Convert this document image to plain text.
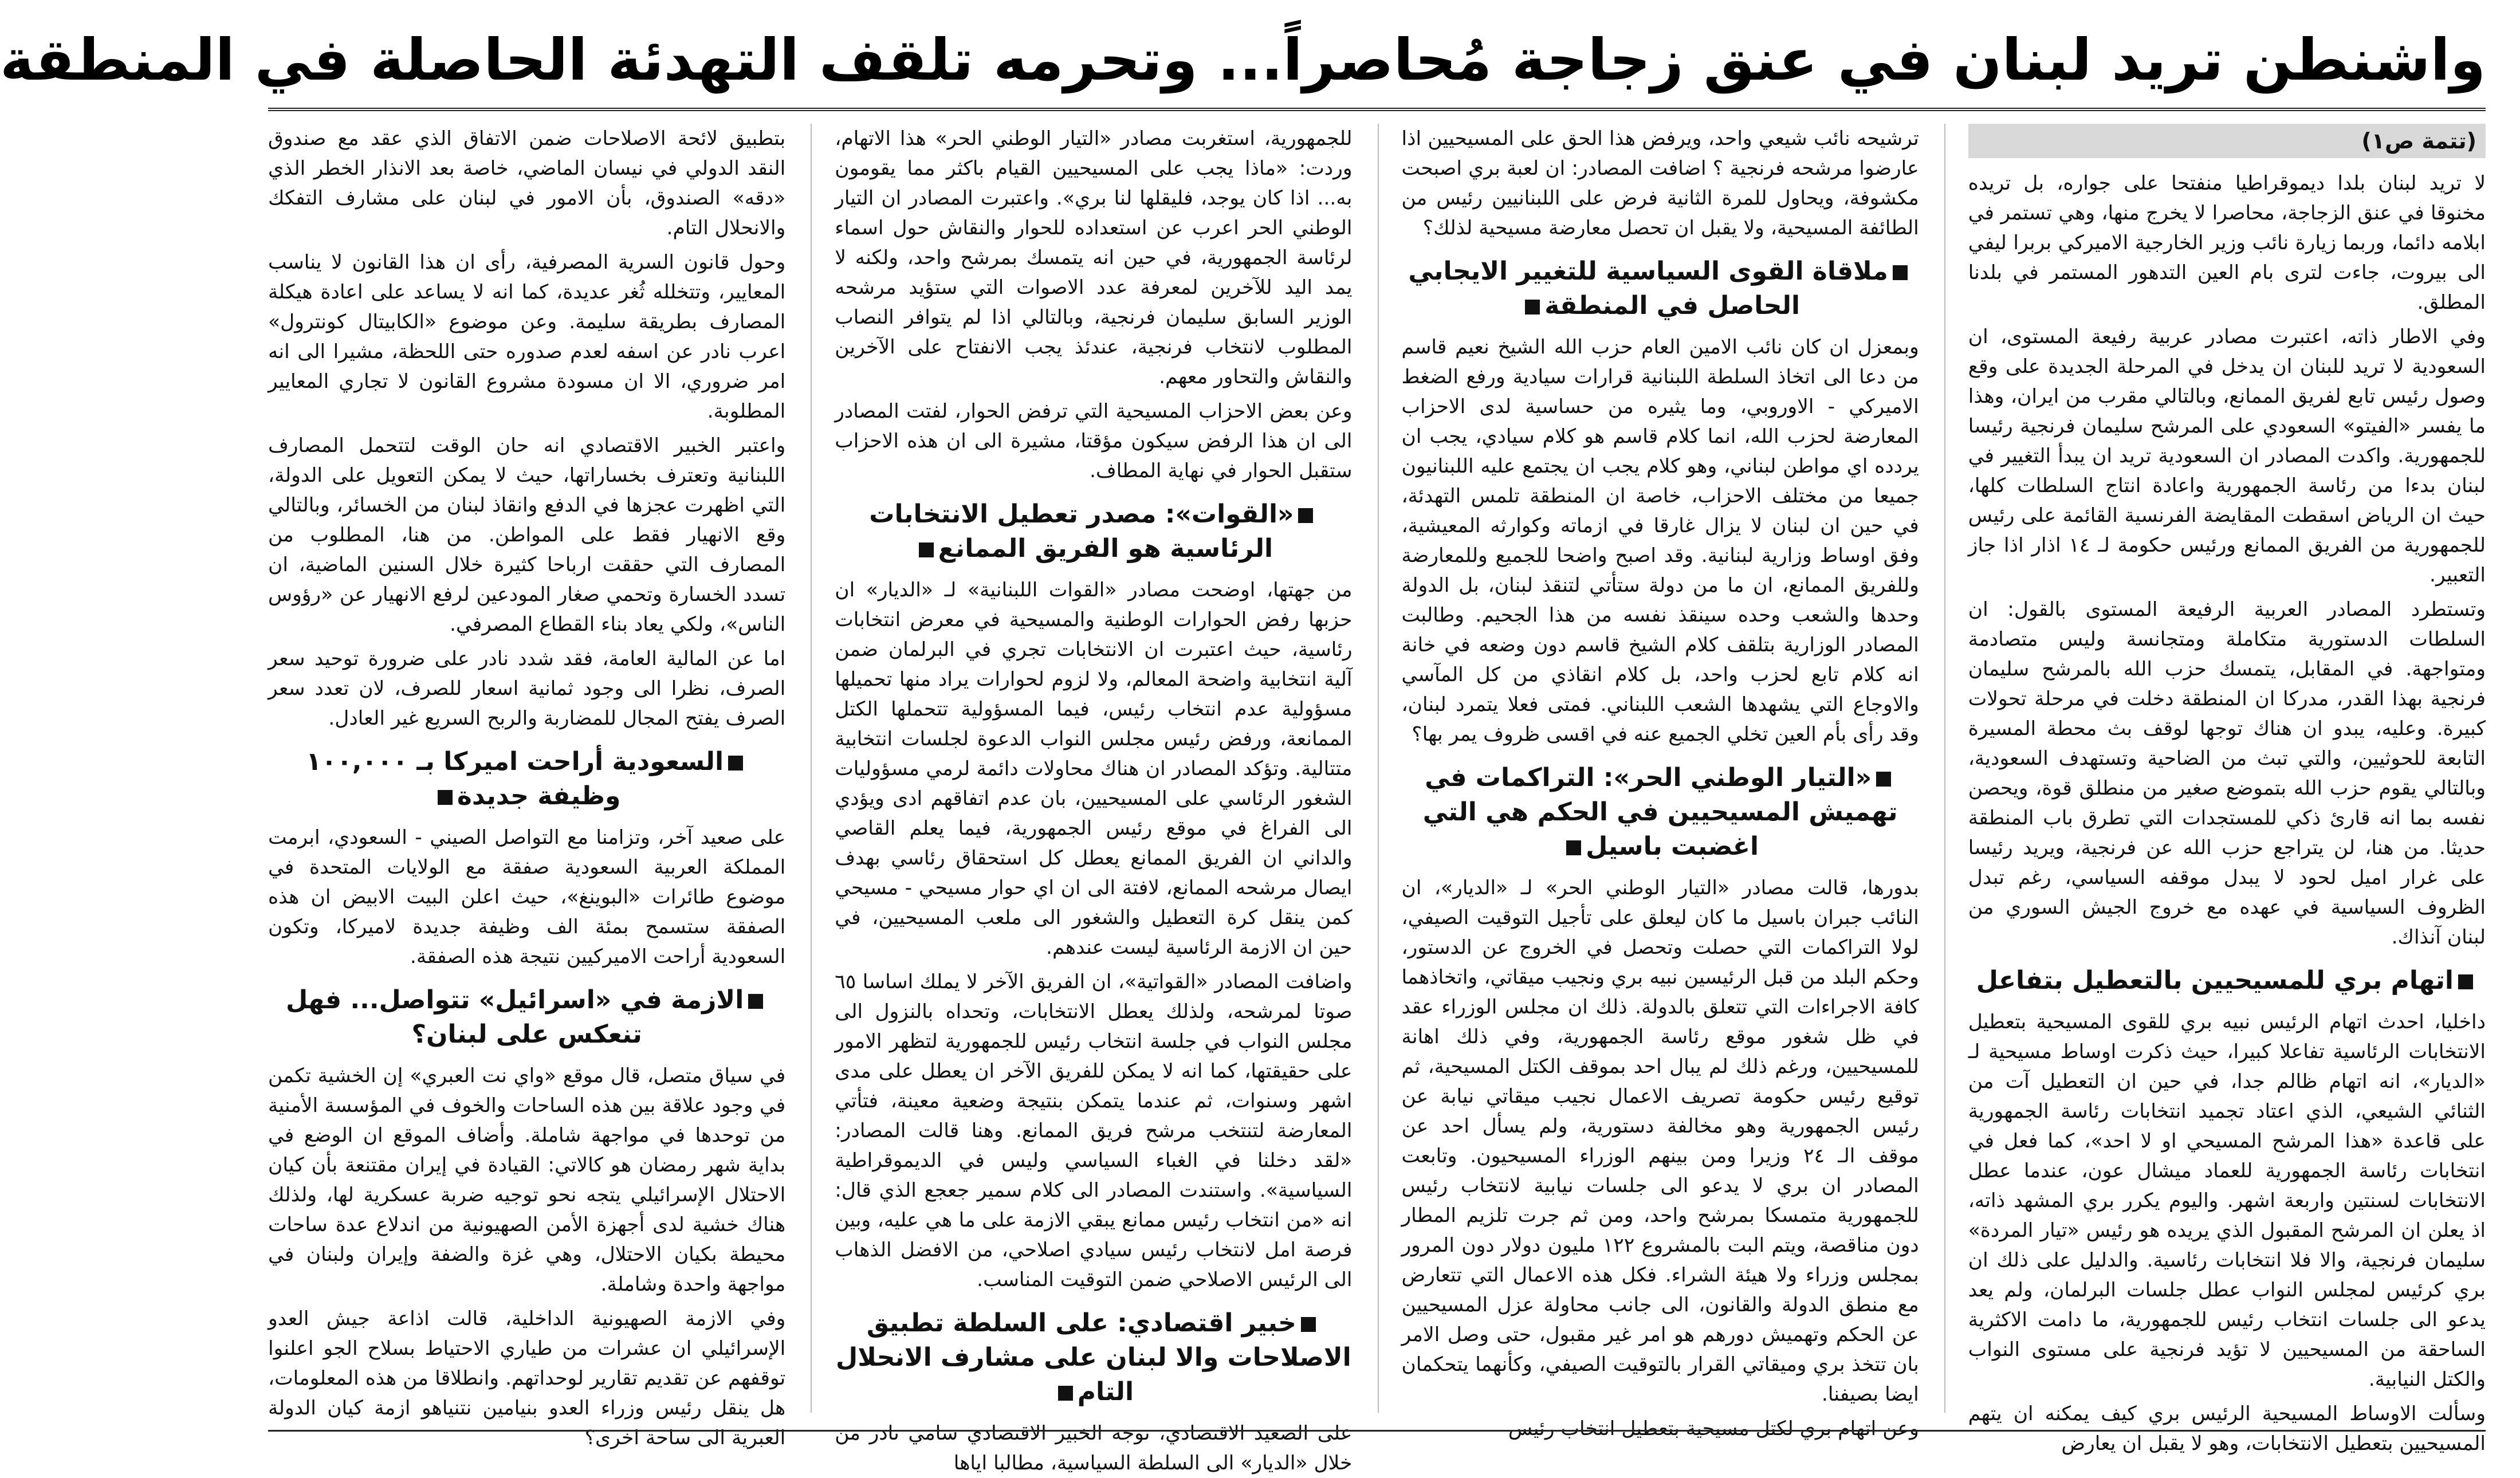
واشنطن تريد لبنان في عنق زجاجة مُحاصراً... وتحرمه تلقف التهدئة الحاصلة في المنطقة
(تتمة ص١)

لا تريد لبنان بلدا ديموقراطيا منفتحا على جواره، بل تريده مخنوقا في عنق الزجاجة، محاصرا لا يخرج منها، وهي تستمر في ابلامه دائما، وربما زيارة نائب وزير الخارجية الاميركي بربرا ليفي الى بيروت، جاءت لترى بام العين التدهور المستمر في بلدنا المطلق.

وفي الاطار ذاته، اعتبرت مصادر عربية رفيعة المستوى، ان السعودية لا تريد للبنان ان يدخل في المرحلة الجديدة على وقع وصول رئيس تابع لفريق الممانع، وبالتالي مقرب من ايران، وهذا ما يفسر «الفيتو» السعودي على المرشح سليمان فرنجية رئيسا للجمهورية. واكدت المصادر ان السعودية تريد ان يبدأ التغيير في لبنان بدءا من رئاسة الجمهورية واعادة انتاج السلطات كلها، حيث ان الرياض اسقطت المقايضة الفرنسية القائمة على رئيس للجمهورية من الفريق الممانع ورئيس حكومة لـ ١٤ اذار اذا جاز التعبير.

وتستطرد المصادر العربية الرفيعة المستوى بالقول: ان السلطات الدستورية متكاملة ومتجانسة وليس متصادمة ومتواجهة. في المقابل، يتمسك حزب الله بالمرشح سليمان فرنجية بهذا القدر، مدركا ان المنطقة دخلت في مرحلة تحولات كبيرة. وعليه، يبدو ان هناك توجها لوقف بث محطة المسيرة التابعة للحوثيين، والتي تبث من الضاحية وتستهدف السعودية، وبالتالي يقوم حزب الله بتموضع صغير من منطلق قوة، ويحصن نفسه بما انه قارئ ذكي للمستجدات التي تطرق باب المنطقة حديثا. من هنا، لن يتراجع حزب الله عن فرنجية، ويريد رئيسا على غرار اميل لحود لا يبدل موقفه السياسي، رغم تبدل الظروف السياسية في عهده مع خروج الجيش السوري من لبنان آنذاك.

اتهام بري للمسيحيين بالتعطيل بتفاعل

داخليا، احدث اتهام الرئيس نبيه بري للقوى المسيحية بتعطيل الانتخابات الرئاسية تفاعلا كبيرا، حيث ذكرت اوساط مسيحية لـ «الديار»، انه اتهام ظالم جدا، في حين ان التعطيل آت من الثنائي الشيعي، الذي اعتاد تجميد انتخابات رئاسة الجمهورية على قاعدة «هذا المرشح المسيحي او لا احد»، كما فعل في انتخابات رئاسة الجمهورية للعماد ميشال عون، عندما عطل الانتخابات لسنتين واربعة اشهر. واليوم يكرر بري المشهد ذاته، اذ يعلن ان المرشح المقبول الذي يريده هو رئيس «تيار المردة» سليمان فرنجية، والا فلا انتخابات رئاسية. والدليل على ذلك ان بري كرئيس لمجلس النواب عطل جلسات البرلمان، ولم يعد يدعو الى جلسات انتخاب رئيس للجمهورية، ما دامت الاكثرية الساحقة من المسيحيين لا تؤيد فرنجية على مستوى النواب والكتل النيابية.

وسألت الاوساط المسيحية الرئيس بري كيف يمكنه ان يتهم المسيحيين بتعطيل الانتخابات، وهو لا يقبل ان يعارض

ترشيحه نائب شيعي واحد، ويرفض هذا الحق على المسيحيين اذا عارضوا مرشحه فرنجية ؟ اضافت المصادر: ان لعبة بري اصبحت مكشوفة، ويحاول للمرة الثانية فرض على اللبنانيين رئيس من الطائفة المسيحية، ولا يقبل ان تحصل معارضة مسيحية لذلك؟

ملاقاة القوى السياسية للتغيير الايجابي الحاصل في المنطقة

وبمعزل ان كان نائب الامين العام حزب الله الشيخ نعيم قاسم من دعا الى اتخاذ السلطة اللبنانية قرارات سيادية ورفع الضغط الاميركي - الاوروبي، وما يثيره من حساسية لدى الاحزاب المعارضة لحزب الله، انما كلام قاسم هو كلام سيادي، يجب ان يردده اي مواطن لبناني، وهو كلام يجب ان يجتمع عليه اللبنانيون جميعا من مختلف الاحزاب، خاصة ان المنطقة تلمس التهدئة، في حين ان لبنان لا يزال غارقا في ازماته وكوارثه المعيشية، وفق اوساط وزارية لبنانية. وقد اصبح واضحا للجميع وللمعارضة وللفريق الممانع، ان ما من دولة ستأتي لتنقذ لبنان، بل الدولة وحدها والشعب وحده سينقذ نفسه من هذا الجحيم. وطالبت المصادر الوزارية بتلقف كلام الشيخ قاسم دون وضعه في خانة انه كلام تابع لحزب واحد، بل كلام انقاذي من كل المآسي والاوجاع التي يشهدها الشعب اللبناني. فمتى فعلا يتمرد لبنان، وقد رأى بأم العين تخلي الجميع عنه في اقسى ظروف يمر بها؟

«التيار الوطني الحر»: التراكمات في تهميش المسيحيين في الحكم هي التي اغضبت باسيل

بدورها، قالت مصادر «التيار الوطني الحر» لـ «الديار»، ان النائب جبران باسيل ما كان ليعلق على تأجيل التوقيت الصيفي، لولا التراكمات التي حصلت وتحصل في الخروج عن الدستور، وحكم البلد من قبل الرئيسين نبيه بري ونجيب ميقاتي، واتخاذهما كافة الاجراءات التي تتعلق بالدولة. ذلك ان مجلس الوزراء عقد في ظل شغور موقع رئاسة الجمهورية، وفي ذلك اهانة للمسيحيين، ورغم ذلك لم يبال احد بموقف الكتل المسيحية، ثم توقيع رئيس حكومة تصريف الاعمال نجيب ميقاتي نيابة عن رئيس الجمهورية وهو مخالفة دستورية، ولم يسأل احد عن موقف الـ ٢٤ وزيرا ومن بينهم الوزراء المسيحيون. وتابعت المصادر ان بري لا يدعو الى جلسات نيابية لانتخاب رئيس للجمهورية متمسكا بمرشح واحد، ومن ثم جرت تلزيم المطار دون مناقصة، ويتم البت بالمشروع ١٢٢ مليون دولار دون المرور بمجلس وزراء ولا هيئة الشراء. فكل هذه الاعمال التي تتعارض مع منطق الدولة والقانون، الى جانب محاولة عزل المسيحيين عن الحكم وتهميش دورهم هو امر غير مقبول، حتى وصل الامر بان تتخذ بري وميقاتي القرار بالتوقيت الصيفي، وكأنهما يتحكمان ايضا بصيفنا.

وعن اتهام بري لكتل مسيحية بتعطيل انتخاب رئيس

للجمهورية، استغربت مصادر «التيار الوطني الحر» هذا الاتهام، وردت: «ماذا يجب على المسيحيين القيام باكثر مما يقومون به... اذا كان يوجد، فليقلها لنا بري». واعتبرت المصادر ان التيار الوطني الحر اعرب عن استعداده للحوار والنقاش حول اسماء لرئاسة الجمهورية، في حين انه يتمسك بمرشح واحد، ولكنه لا يمد اليد للآخرين لمعرفة عدد الاصوات التي ستؤيد مرشحه الوزير السابق سليمان فرنجية، وبالتالي اذا لم يتوافر النصاب المطلوب لانتخاب فرنجية، عندئذ يجب الانفتاح على الآخرين والنقاش والتحاور معهم.

وعن بعض الاحزاب المسيحية التي ترفض الحوار، لفتت المصادر الى ان هذا الرفض سيكون مؤقتا، مشيرة الى ان هذه الاحزاب ستقبل الحوار في نهاية المطاف.

«القوات»: مصدر تعطيل الانتخابات الرئاسية هو الفريق الممانع

من جهتها، اوضحت مصادر «القوات اللبنانية» لـ «الديار» ان حزبها رفض الحوارات الوطنية والمسيحية في معرض انتخابات رئاسية، حيث اعتبرت ان الانتخابات تجري في البرلمان ضمن آلية انتخابية واضحة المعالم، ولا لزوم لحوارات يراد منها تحميلها مسؤولية عدم انتخاب رئيس، فيما المسؤولية تتحملها الكتل الممانعة، ورفض رئيس مجلس النواب الدعوة لجلسات انتخابية متتالية. وتؤكد المصادر ان هناك محاولات دائمة لرمي مسؤوليات الشغور الرئاسي على المسيحيين، بان عدم اتفاقهم ادى ويؤدي الى الفراغ في موقع رئيس الجمهورية، فيما يعلم القاصي والداني ان الفريق الممانع يعطل كل استحقاق رئاسي بهدف ايصال مرشحه الممانع، لافتة الى ان اي حوار مسيحي - مسيحي كمن ينقل كرة التعطيل والشغور الى ملعب المسيحيين، في حين ان الازمة الرئاسية ليست عندهم.

واضافت المصادر «القواتية»، ان الفريق الآخر لا يملك اساسا ٦٥ صوتا لمرشحه، ولذلك يعطل الانتخابات، وتحداه بالنزول الى مجلس النواب في جلسة انتخاب رئيس للجمهورية لتظهر الامور على حقيقتها، كما انه لا يمكن للفريق الآخر ان يعطل على مدى اشهر وسنوات، ثم عندما يتمكن بنتيجة وضعية معينة، فتأتي المعارضة لتنتخب مرشح فريق الممانع. وهنا قالت المصادر: «لقد دخلنا في الغباء السياسي وليس في الديموقراطية السياسية». واستندت المصادر الى كلام سمير جعجع الذي قال: انه «من انتخاب رئيس ممانع يبقي الازمة على ما هي عليه، وبين فرصة امل لانتخاب رئيس سيادي اصلاحي، من الافضل الذهاب الى الرئيس الاصلاحي ضمن التوقيت المناسب.

خبير اقتصادي: على السلطة تطبيق الاصلاحات والا لبنان على مشارف الانحلال التام

على الصعيد الاقتصادي، توجه الخبير الاقتصادي سامي نادر من خلال «الديار» الى السلطة السياسية، مطالبا اياها

بتطبيق لائحة الاصلاحات ضمن الاتفاق الذي عقد مع صندوق النقد الدولي في نيسان الماضي، خاصة بعد الانذار الخطر الذي «دقه» الصندوق، بأن الامور في لبنان على مشارف التفكك والانحلال التام.

وحول قانون السرية المصرفية، رأى ان هذا القانون لا يناسب المعايير، وتتخلله ثُغر عديدة، كما انه لا يساعد على اعادة هيكلة المصارف بطريقة سليمة. وعن موضوع «الكابيتال كونترول» اعرب نادر عن اسفه لعدم صدوره حتى اللحظة، مشيرا الى انه امر ضروري، الا ان مسودة مشروع القانون لا تجاري المعايير المطلوبة.

واعتبر الخبير الاقتصادي انه حان الوقت لتتحمل المصارف اللبنانية وتعترف بخساراتها، حيث لا يمكن التعويل على الدولة، التي اظهرت عجزها في الدفع وانقاذ لبنان من الخسائر، وبالتالي وقع الانهيار فقط على المواطن. من هنا، المطلوب من المصارف التي حققت ارباحا كثيرة خلال السنين الماضية، ان تسدد الخسارة وتحمي صغار المودعين لرفع الانهيار عن «رؤوس الناس»، ولكي يعاد بناء القطاع المصرفي.

اما عن المالية العامة، فقد شدد نادر على ضرورة توحيد سعر الصرف، نظرا الى وجود ثمانية اسعار للصرف، لان تعدد سعر الصرف يفتح المجال للمضاربة والربح السريع غير العادل.

السعودية أراحت اميركا بـ ١٠٠,٠٠٠ وظيفة جديدة

على صعيد آخر، وتزامنا مع التواصل الصيني - السعودي، ابرمت المملكة العربية السعودية صفقة مع الولايات المتحدة في موضوع طائرات «البوينغ»، حيث اعلن البيت الابيض ان هذه الصفقة ستسمح بمئة الف وظيفة جديدة لاميركا، وتكون السعودية أراحت الاميركيين نتيجة هذه الصفقة.

الازمة في «اسرائيل» تتواصل... فهل تنعكس على لبنان؟

في سياق متصل، قال موقع «واي نت العبري» إن الخشية تكمن في وجود علاقة بين هذه الساحات والخوف في المؤسسة الأمنية من توحدها في مواجهة شاملة. وأضاف الموقع ان الوضع في بداية شهر رمضان هو كالاتي: القيادة في إيران مقتنعة بأن كيان الاحتلال الإسرائيلي يتجه نحو توجيه ضربة عسكرية لها، ولذلك هناك خشية لدى أجهزة الأمن الصهيونية من اندلاع عدة ساحات محيطة بكيان الاحتلال، وهي غزة والضفة وإيران ولبنان في مواجهة واحدة وشاملة.

وفي الازمة الصهيونية الداخلية، قالت اذاعة جيش العدو الإسرائيلي ان عشرات من طياري الاحتياط بسلاح الجو اعلنوا توقفهم عن تقديم تقارير لوحداتهم. وانطلاقا من هذه المعلومات، هل ينقل رئيس وزراء العدو بنيامين نتنياهو ازمة كيان الدولة العبرية الى ساحة اخرى؟
